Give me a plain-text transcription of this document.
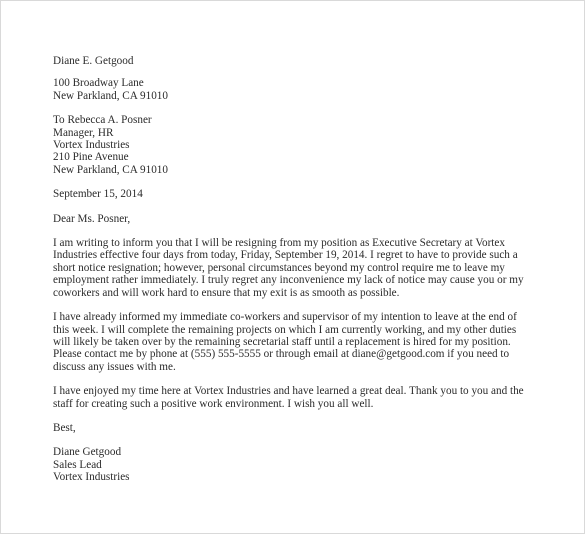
Diane E. Getgood
100 Broadway Lane
New Parkland, CA 91010
To Rebecca A. Posner
Manager, HR
Vortex Industries
210 Pine Avenue
New Parkland, CA 91010
September 15, 2014
Dear Ms. Posner,
I am writing to inform you that I will be resigning from my position as Executive Secretary at Vortex Industries effective four days from today, Friday, September 19, 2014. I regret to have to provide such a short notice resignation; however, personal circumstances beyond my control require me to leave my employment rather immediately. I truly regret any inconvenience my lack of notice may cause you or my coworkers and will work hard to ensure that my exit is as smooth as possible.
I have already informed my immediate co-workers and supervisor of my intention to leave at the end of this week. I will complete the remaining projects on which I am currently working, and my other duties will likely be taken over by the remaining secretarial staff until a replacement is hired for my position. Please contact me by phone at (555) 555-5555 or through email at diane@getgood.com if you need to discuss any issues with me.
I have enjoyed my time here at Vortex Industries and have learned a great deal. Thank you to you and the staff for creating such a positive work environment. I wish you all well.
Best,
Diane Getgood
Sales Lead
Vortex Industries
